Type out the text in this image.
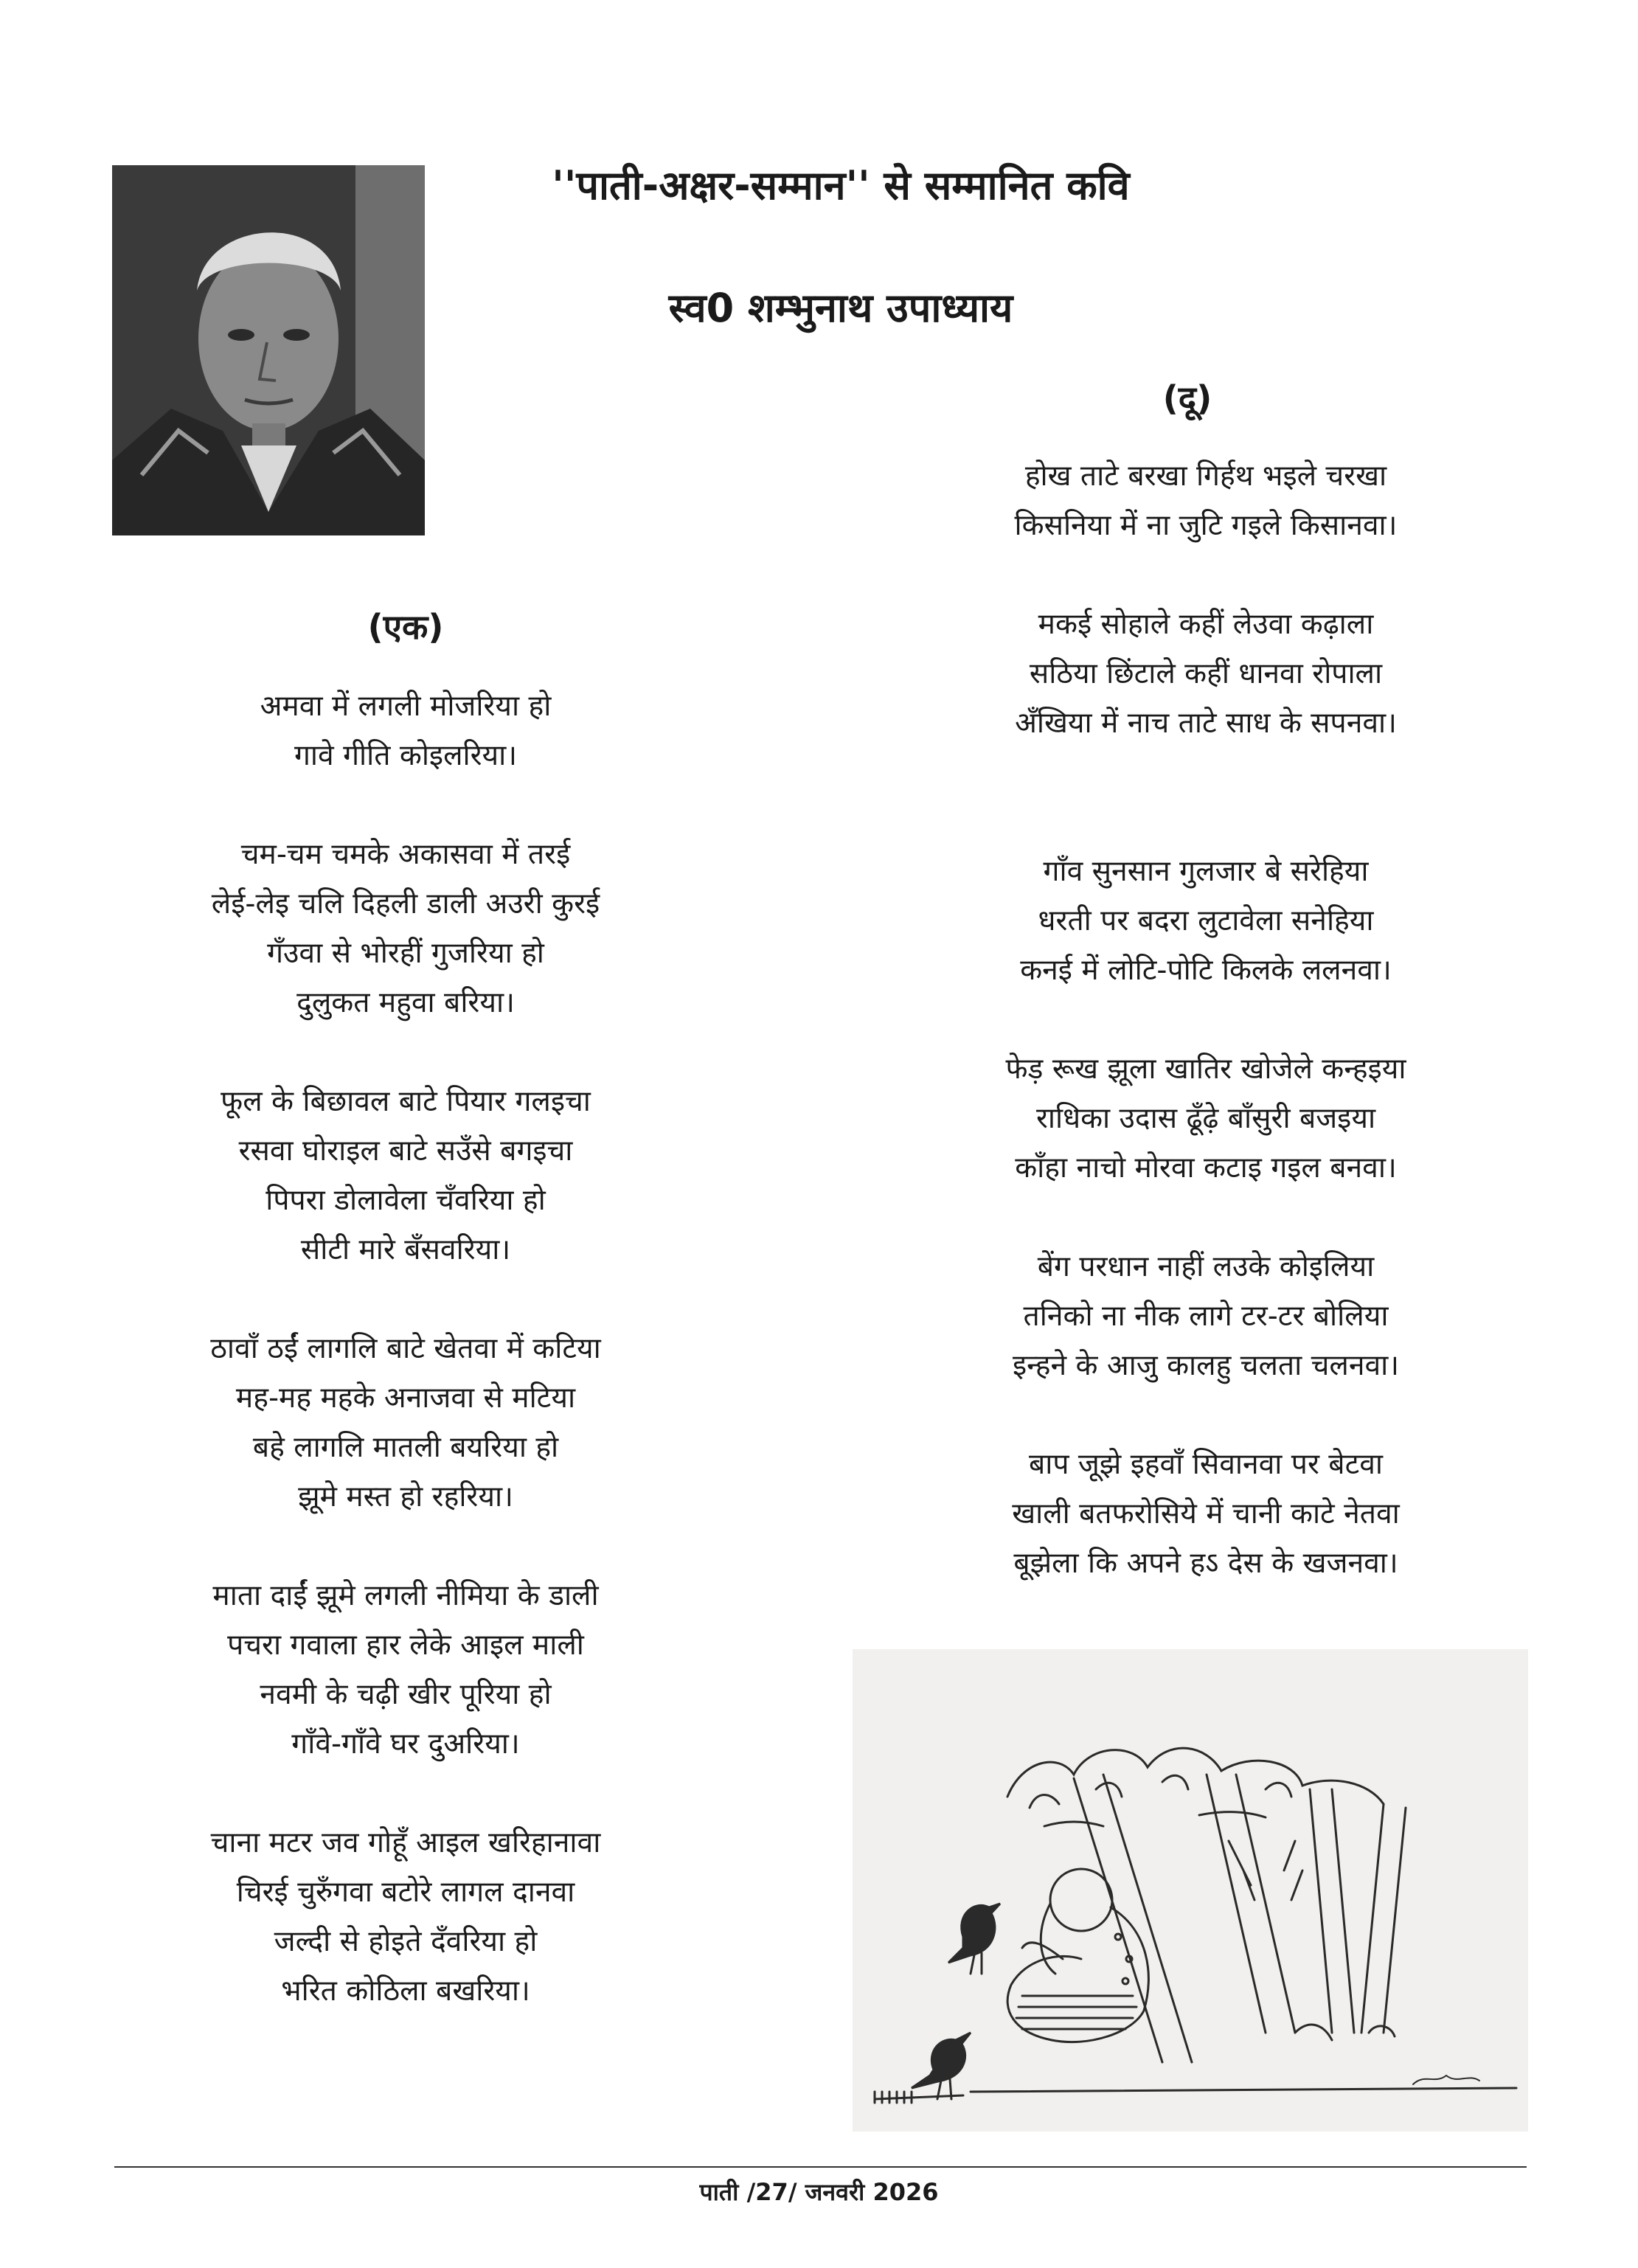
''पाती-अक्षर-सम्मान'' से सम्मानित कवि
स्व0 शम्भुनाथ उपाध्याय
(एक)
अमवा में लगली मोजरिया हो
गावे गीति कोइलरिया।
चम-चम चमके अकासवा में तरई
लेई-लेइ चलि दिहली डाली अउरी कुरई
गँउवा से भोरहीं गुजरिया हो
दुलुकत महुवा बरिया।
फूल के बिछावल बाटे पियार गलइचा
रसवा घोराइल बाटे सउँसे बगइचा
पिपरा डोलावेला चँवरिया हो
सीटी मारे बँसवरिया।
ठावाँ ठईं लागलि बाटे खेतवा में कटिया
मह-मह महके अनाजवा से मटिया
बहे लागलि मातली बयरिया हो
झूमे मस्त हो रहरिया।
माता दाईं झूमे लगली नीमिया के डाली
पचरा गवाला हार लेके आइल माली
नवमी के चढ़ी खीर पूरिया हो
गाँवे-गाँवे घर दुअरिया।
चाना मटर जव गोहूँ आइल खरिहानावा
चिरई चुरुँगवा बटोरे लागल दानवा
जल्दी से होइते दँवरिया हो
भरित कोठिला बखरिया।
(दू)
होख ताटे बरखा गिर्हथ भइले चरखा
किसनिया में ना जुटि गइले किसानवा।
मकई सोहाले कहीं लेउवा कढ़ाला
सठिया छिंटाले कहीं धानवा रोपाला
अँखिया में नाच ताटे साध के सपनवा।
गाँव सुनसान गुलजार बे सरेहिया
धरती पर बदरा लुटावेला सनेहिया
कनई में लोटि-पोटि किलके ललनवा।
फेड़ रूख झूला खातिर खोजेले कन्हइया
राधिका उदास ढूँढ़े बाँसुरी बजइया
काँहा नाचो मोरवा कटाइ गइल बनवा।
बेंग परधान नाहीं लउके कोइलिया
तनिको ना नीक लागे टर-टर बोलिया
इन्हने के आजु कालहु चलता चलनवा।
बाप जूझे इहवाँ सिवानवा पर बेटवा
खाली बतफरोसिये में चानी काटे नेतवा
बूझेला कि अपने हऽ देस के खजनवा।

पाती /27/ जनवरी 2026
